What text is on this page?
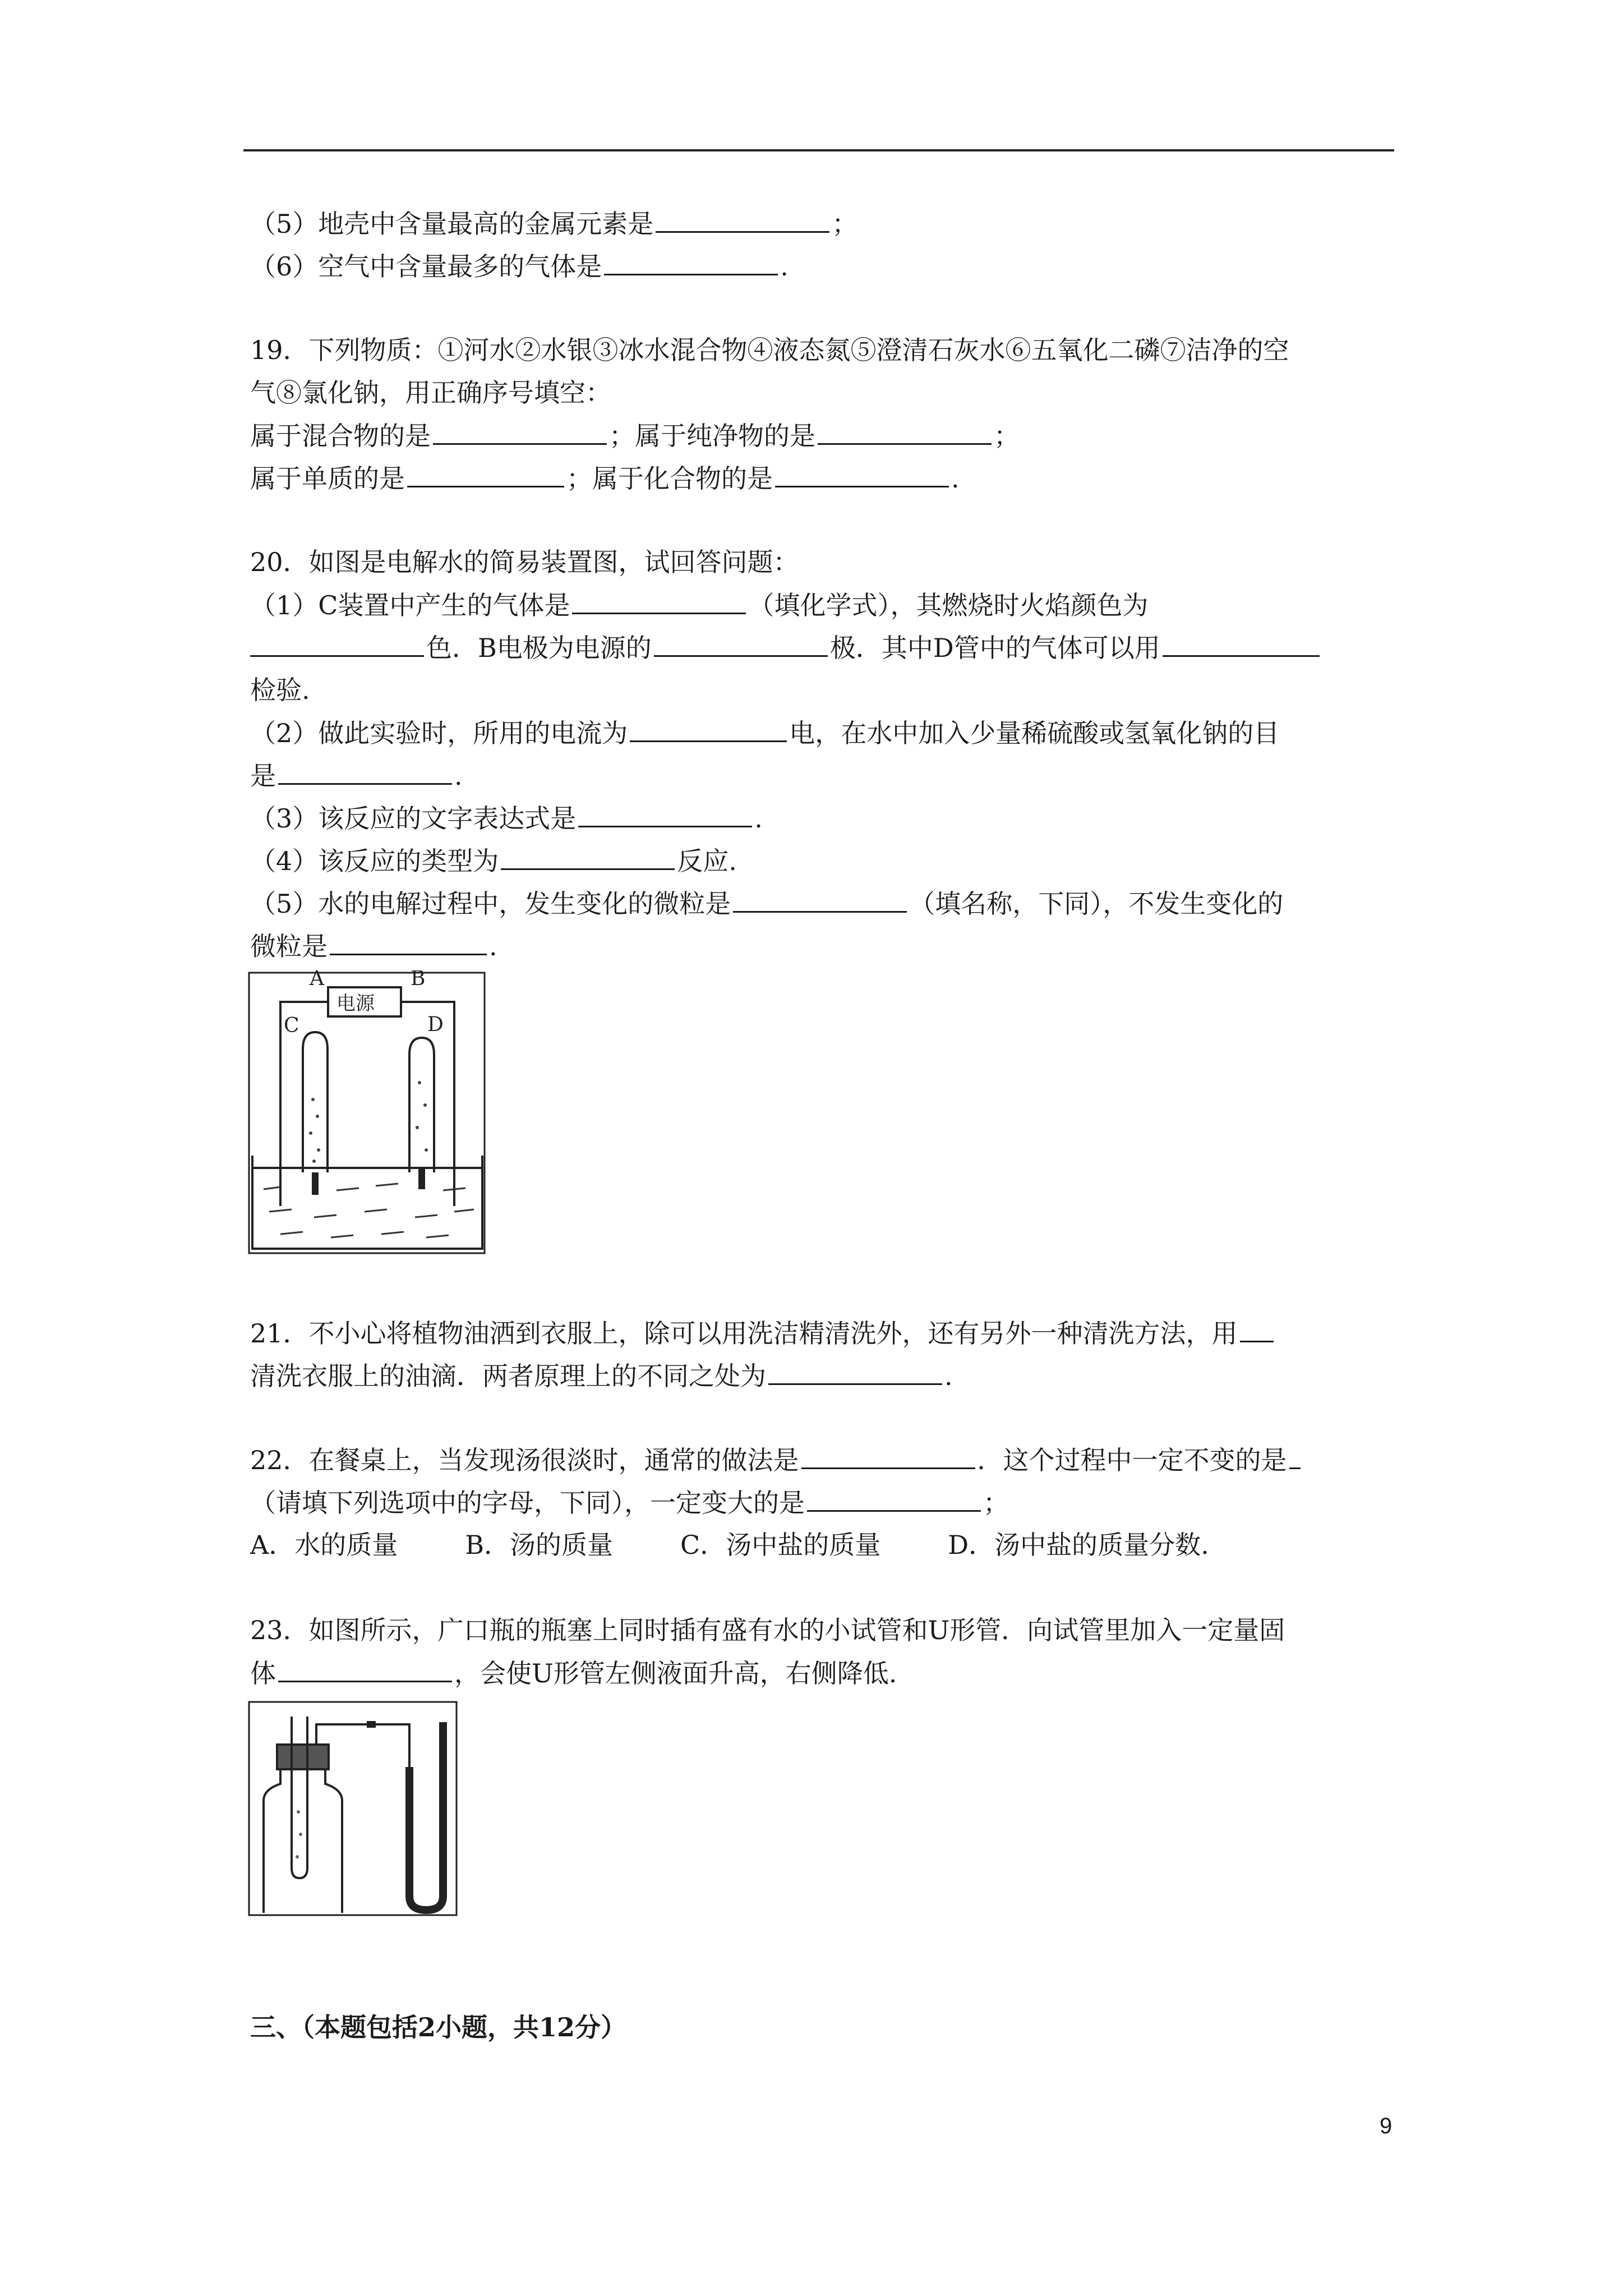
（5）地壳中含量最高的金属元素是	；
（6）空气中含量最多的气体是	.
19．下列物质：①河水②水银③冰水混合物④液态氮⑤澄清石灰水⑥五氧化二磷⑦洁净的空
气⑧氯化钠，用正确序号填空：
属于混合物的是	；属于纯净物的是	；
属于单质的是	；属于化合物的是	.
20．如图是电解水的简易装置图，试回答问题：
（1）C装置中产生的气体是	（填化学式），其燃烧时火焰颜色为
色．B电极为电源的	极．其中D管中的气体可以用
检验.
（2）做此实验时，所用的电流为	电，在水中加入少量稀硫酸或氢氧化钠的目
是	.
（3）该反应的文字表达式是	.
（4）该反应的类型为	反应.
（5）水的电解过程中，发生变化的微粒是	（填名称，下同），不发生变化的
微粒是	.
A	B
C	D
电源
21．不小心将植物油洒到衣服上，除可以用洗洁精清洗外，还有另外一种清洗方法，用
清洗衣服上的油滴．两者原理上的不同之处为	.
22．在餐桌上，当发现汤很淡时，通常的做法是	．这个过程中一定不变的是
（请填下列选项中的字母，下同），一定变大的是	；
A．水的质量	B．汤的质量	C．汤中盐的质量	D．汤中盐的质量分数.
23．如图所示，广口瓶的瓶塞上同时插有盛有水的小试管和U形管．向试管里加入一定量固
体	，会使U形管左侧液面升高，右侧降低.
三、（本题包括2小题，共12分）
9
